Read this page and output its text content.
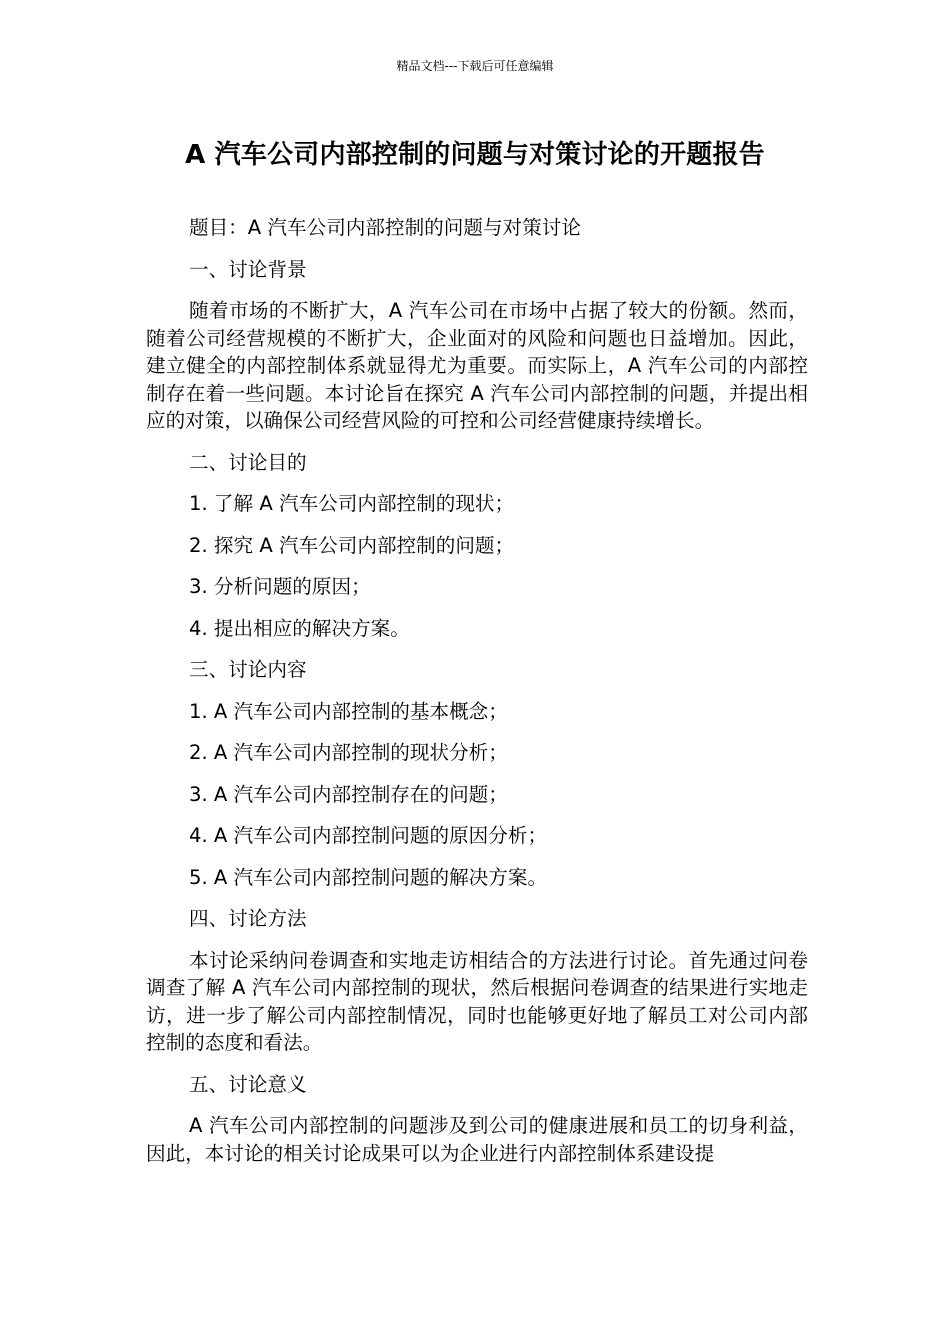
精品文档---下载后可任意编辑
A 汽车公司内部控制的问题与对策讨论的开题报告

题目：A 汽车公司内部控制的问题与对策讨论

一、讨论背景

随着市场的不断扩大，A 汽车公司在市场中占据了较大的份额。然而，随着公司经营规模的不断扩大，企业面对的风险和问题也日益增加。因此，建立健全的内部控制体系就显得尤为重要。而实际上，A 汽车公司的内部控制存在着一些问题。本讨论旨在探究 A 汽车公司内部控制的问题，并提出相应的对策，以确保公司经营风险的可控和公司经营健康持续增长。

二、讨论目的

1. 了解 A 汽车公司内部控制的现状；

2. 探究 A 汽车公司内部控制的问题；

3. 分析问题的原因；

4. 提出相应的解决方案。

三、讨论内容

1. A 汽车公司内部控制的基本概念；

2. A 汽车公司内部控制的现状分析；

3. A 汽车公司内部控制存在的问题；

4. A 汽车公司内部控制问题的原因分析；

5. A 汽车公司内部控制问题的解决方案。

四、讨论方法

本讨论采纳问卷调查和实地走访相结合的方法进行讨论。首先通过问卷调查了解 A 汽车公司内部控制的现状，然后根据问卷调查的结果进行实地走访，进一步了解公司内部控制情况，同时也能够更好地了解员工对公司内部控制的态度和看法。

五、讨论意义

A 汽车公司内部控制的问题涉及到公司的健康进展和员工的切身利益，因此，本讨论的相关讨论成果可以为企业进行内部控制体系建设提
